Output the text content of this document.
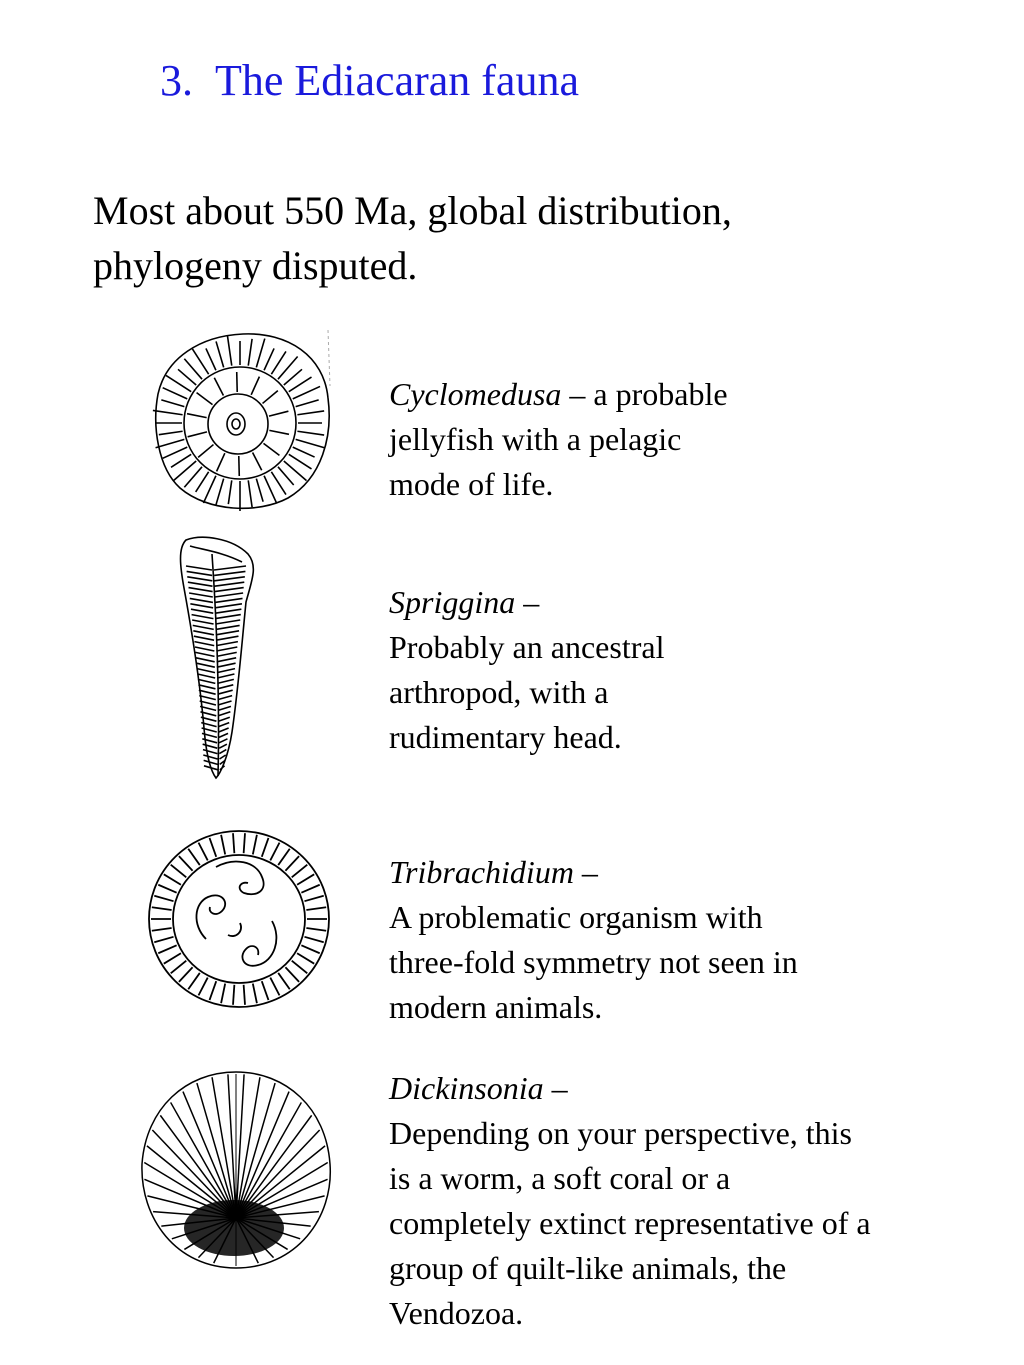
3. The Ediacaran fauna
Most about 550 Ma, global distribution,
phylogeny disputed.
Cyclomedusa – a probable
jellyfish with a pelagic
mode of life.
Spriggina –
Probably an ancestral
arthropod, with a
rudimentary head.
Tribrachidium –
A problematic organism with
three-fold symmetry not seen in
modern animals.
Dickinsonia –
Depending on your perspective, this
is a worm, a soft coral or a
completely extinct representative of a
group of quilt-like animals, the
Vendozoa.
